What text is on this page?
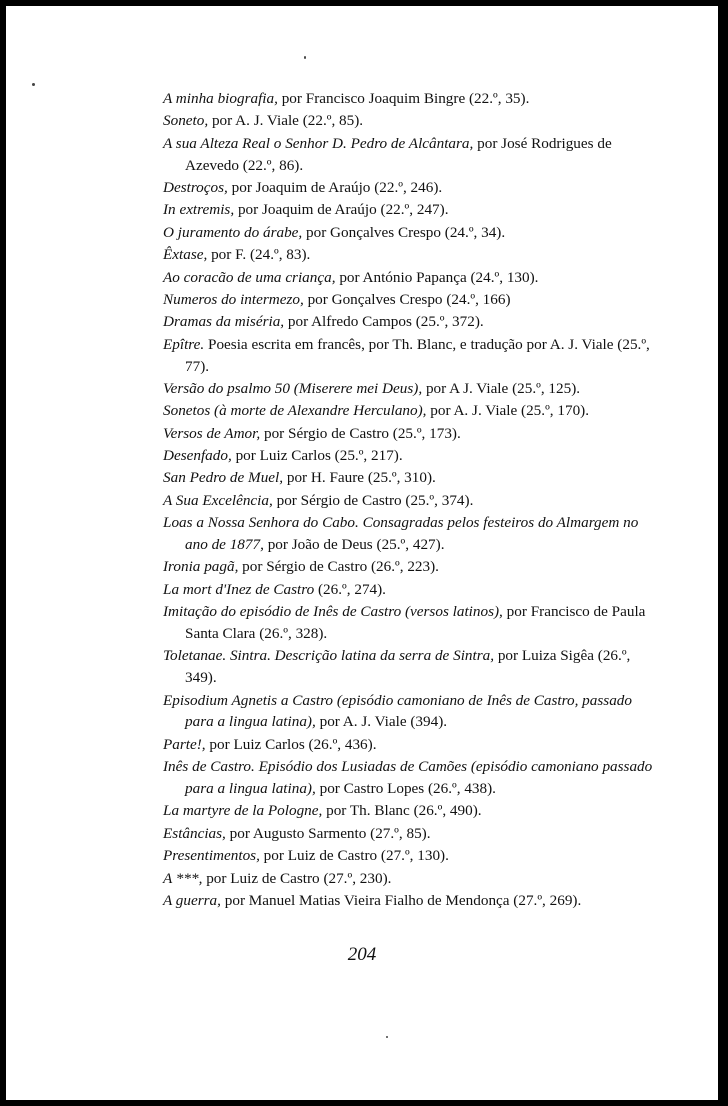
A minha biografia, por Francisco Joaquim Bingre (22.º, 35).
Soneto, por A. J. Viale (22.º, 85).
A sua Alteza Real o Senhor D. Pedro de Alcântara, por José Rodrigues de Azevedo (22.º, 86).
Destroços, por Joaquim de Araújo (22.º, 246).
In extremis, por Joaquim de Araújo (22.º, 247).
O juramento do árabe, por Gonçalves Crespo (24.º, 34).
Êxtase, por F. (24.º, 83).
Ao coracão de uma criança, por António Papança (24.º, 130).
Numeros do intermezo, por Gonçalves Crespo (24.º, 166)
Dramas da miséria, por Alfredo Campos (25.º, 372).
Epître. Poesia escrita em francês, por Th. Blanc, e tradução por A. J. Viale (25.º, 77).
Versão do psalmo 50 (Miserere mei Deus), por A J. Viale (25.º, 125).
Sonetos (à morte de Alexandre Herculano), por A. J. Viale (25.º, 170).
Versos de Amor, por Sérgio de Castro (25.º, 173).
Desenfado, por Luiz Carlos (25.º, 217).
San Pedro de Muel, por H. Faure (25.º, 310).
A Sua Excelência, por Sérgio de Castro (25.º, 374).
Loas a Nossa Senhora do Cabo. Consagradas pelos festeiros do Almargem no ano de 1877, por João de Deus (25.º, 427).
Ironia pagã, por Sérgio de Castro (26.º, 223).
La mort d'Inez de Castro (26.º, 274).
Imitação do episódio de Inês de Castro (versos latinos), por Francisco de Paula Santa Clara (26.º, 328).
Toletanae. Sintra. Descrição latina da serra de Sintra, por Luiza Sigêa (26.º, 349).
Episodium Agnetis a Castro (episódio camoniano de Inês de Castro, passado para a lingua latina), por A. J. Viale (394).
Parte!, por Luiz Carlos (26.º, 436).
Inês de Castro. Episódio dos Lusiadas de Camões (episódio camoniano passado para a lingua latina), por Castro Lopes (26.º, 438).
La martyre de la Pologne, por Th. Blanc (26.º, 490).
Estâncias, por Augusto Sarmento (27.º, 85).
Presentimentos, por Luiz de Castro (27.º, 130).
A ***, por Luiz de Castro (27.º, 230).
A guerra, por Manuel Matias Vieira Fialho de Mendonça (27.º, 269).
204
